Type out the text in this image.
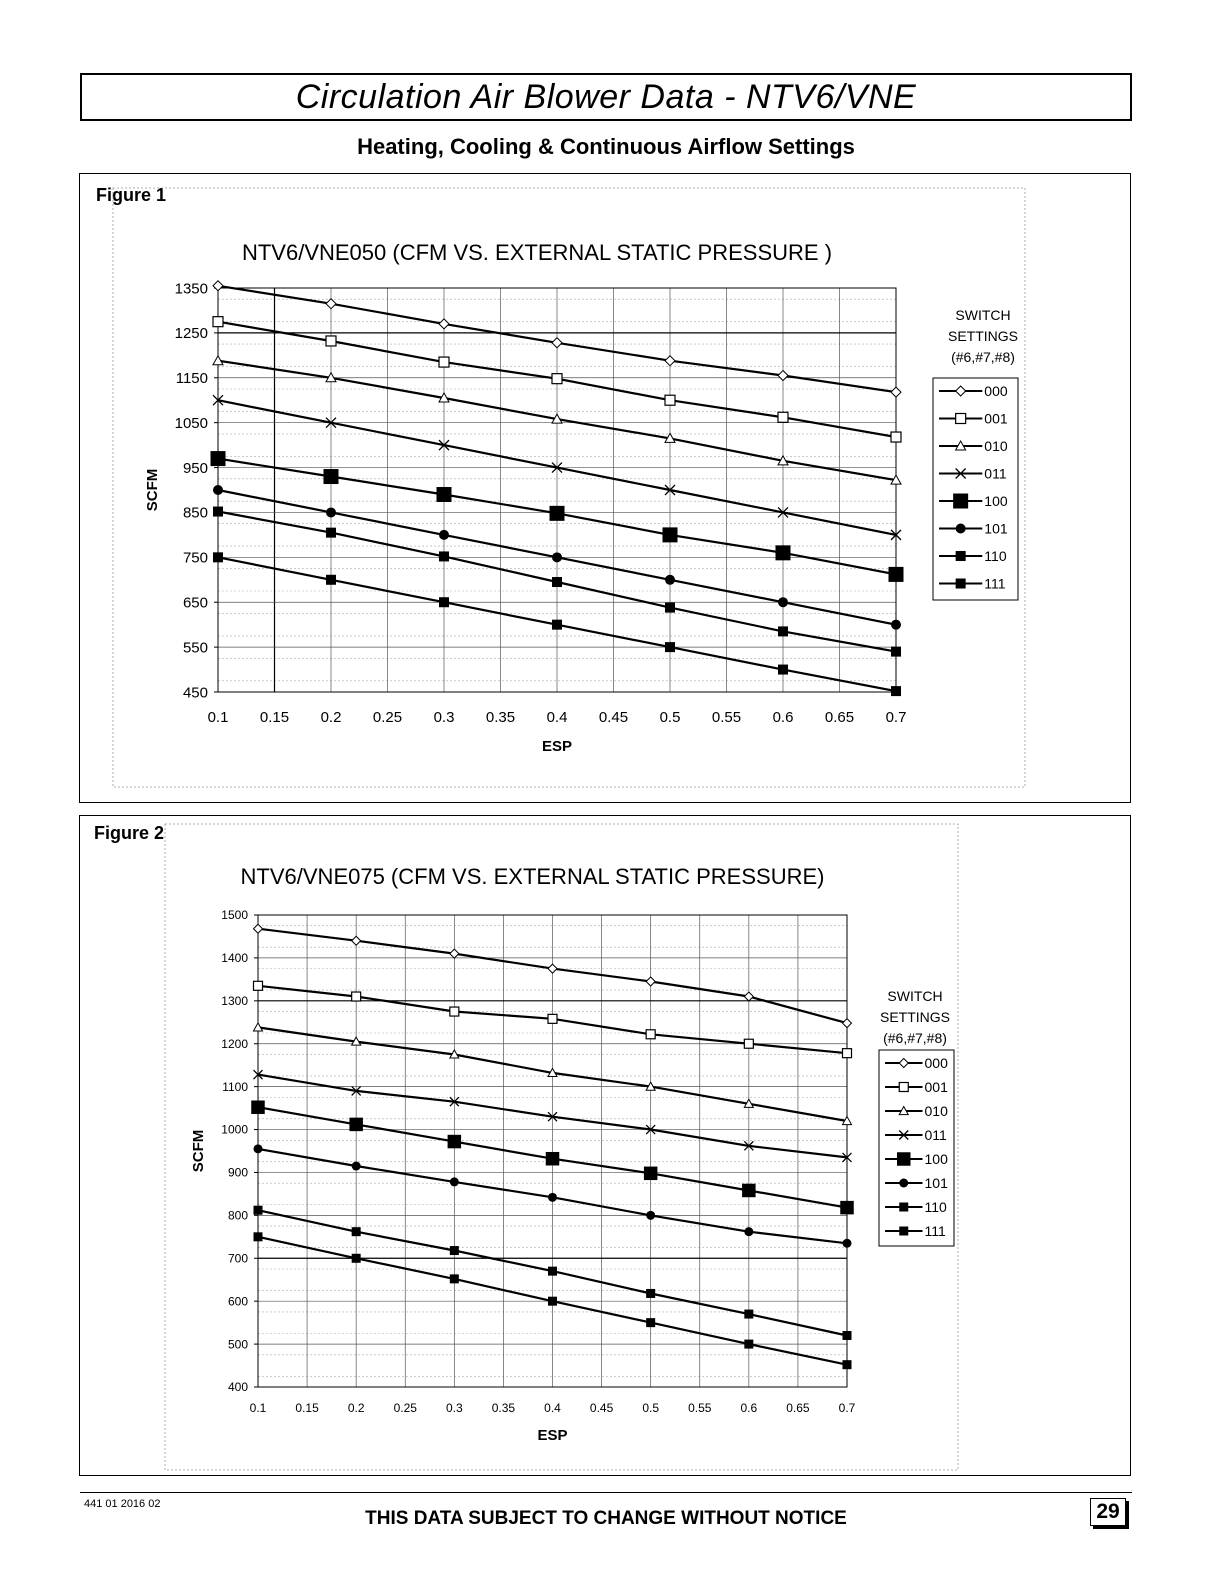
Circulation Air Blower Data - NTV6/VNE
Heating, Cooling & Continuous Airflow Settings
Figure 1
Figure 2
NTV6/VNE050 (CFM VS. EXTERNAL STATIC PRESSURE )
0.1 0.15 0.2 0.25 0.3 0.35 0.4 0.45 0.5 0.55 0.6 0.65 0.7
450
550
650
750
850
950
1050
1150
1250
1350
ESP
SCFM
SWITCH
SETTINGS
(#6,#7,#8)
000
001
010
011
100
101
110
111
NTV6/VNE075 (CFM VS. EXTERNAL STATIC PRESSURE)
0.1 0.15 0.2 0.25 0.3 0.35 0.4 0.45 0.5 0.55 0.6 0.65 0.7
400
500
600
700
800
900
1000
1100
1200
1300
1400
1500
ESP
SCFM
SWITCH
SETTINGS
(#6,#7,#8)
000
001
010
011
100
101
110
111
441 01 2016 02
THIS DATA SUBJECT TO CHANGE WITHOUT NOTICE	29
